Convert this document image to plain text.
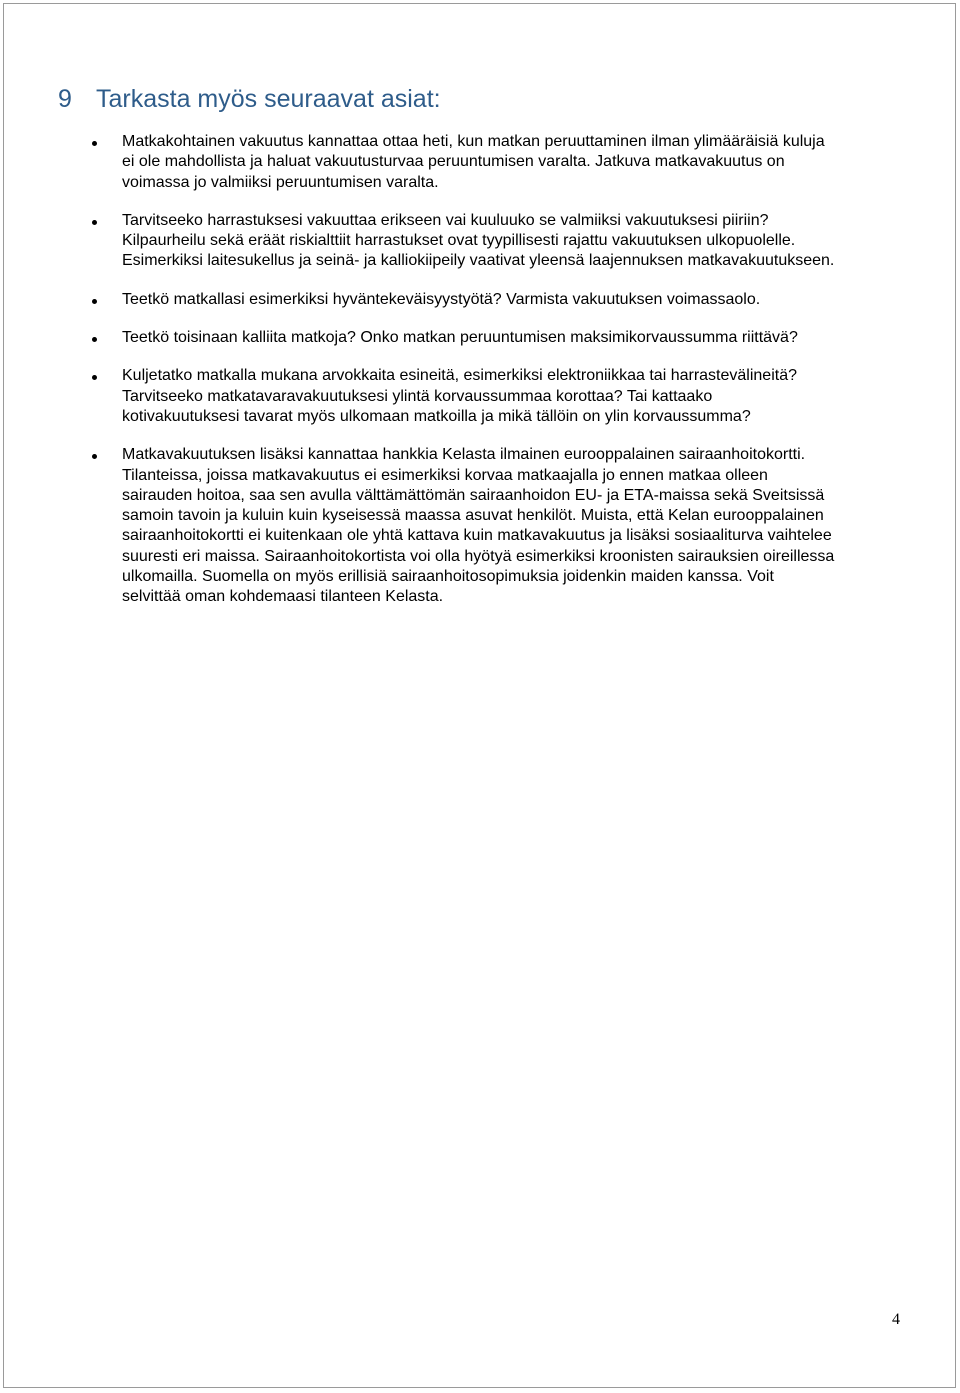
9 Tarkasta myös seuraavat asiat:
Matkakohtainen vakuutus kannattaa ottaa heti, kun matkan peruuttaminen ilman ylimääräisiä kuluja
ei ole mahdollista ja haluat vakuutusturvaa peruuntumisen varalta. Jatkuva matkavakuutus on
voimassa jo valmiiksi peruuntumisen varalta.
Tarvitseeko harrastuksesi vakuuttaa erikseen vai kuuluuko se valmiiksi vakuutuksesi piiriin?
Kilpaurheilu sekä eräät riskialttiit harrastukset ovat tyypillisesti rajattu vakuutuksen ulkopuolelle.
Esimerkiksi laitesukellus ja seinä- ja kalliokiipeily vaativat yleensä laajennuksen matkavakuutukseen.
Teetkö matkallasi esimerkiksi hyväntekeväisyystyötä? Varmista vakuutuksen voimassaolo.
Teetkö toisinaan kalliita matkoja? Onko matkan peruuntumisen maksimikorvaussumma riittävä?
Kuljetatko matkalla mukana arvokkaita esineitä, esimerkiksi elektroniikkaa tai harrastevälineitä?
Tarvitseeko matkatavaravakuutuksesi ylintä korvaussummaa korottaa? Tai kattaako
kotivakuutuksesi tavarat myös ulkomaan matkoilla ja mikä tällöin on ylin korvaussumma?
Matkavakuutuksen lisäksi kannattaa hankkia Kelasta ilmainen eurooppalainen sairaanhoitokortti.
Tilanteissa, joissa matkavakuutus ei esimerkiksi korvaa matkaajalla jo ennen matkaa olleen
sairauden hoitoa, saa sen avulla välttämättömän sairaanhoidon EU- ja ETA-maissa sekä Sveitsissä
samoin tavoin ja kuluin kuin kyseisessä maassa asuvat henkilöt. Muista, että Kelan eurooppalainen
sairaanhoitokortti ei kuitenkaan ole yhtä kattava kuin matkavakuutus ja lisäksi sosiaaliturva vaihtelee
suuresti eri maissa. Sairaanhoitokortista voi olla hyötyä esimerkiksi kroonisten sairauksien oireillessa
ulkomailla. Suomella on myös erillisiä sairaanhoitosopimuksia joidenkin maiden kanssa. Voit
selvittää oman kohdemaasi tilanteen Kelasta.
4
